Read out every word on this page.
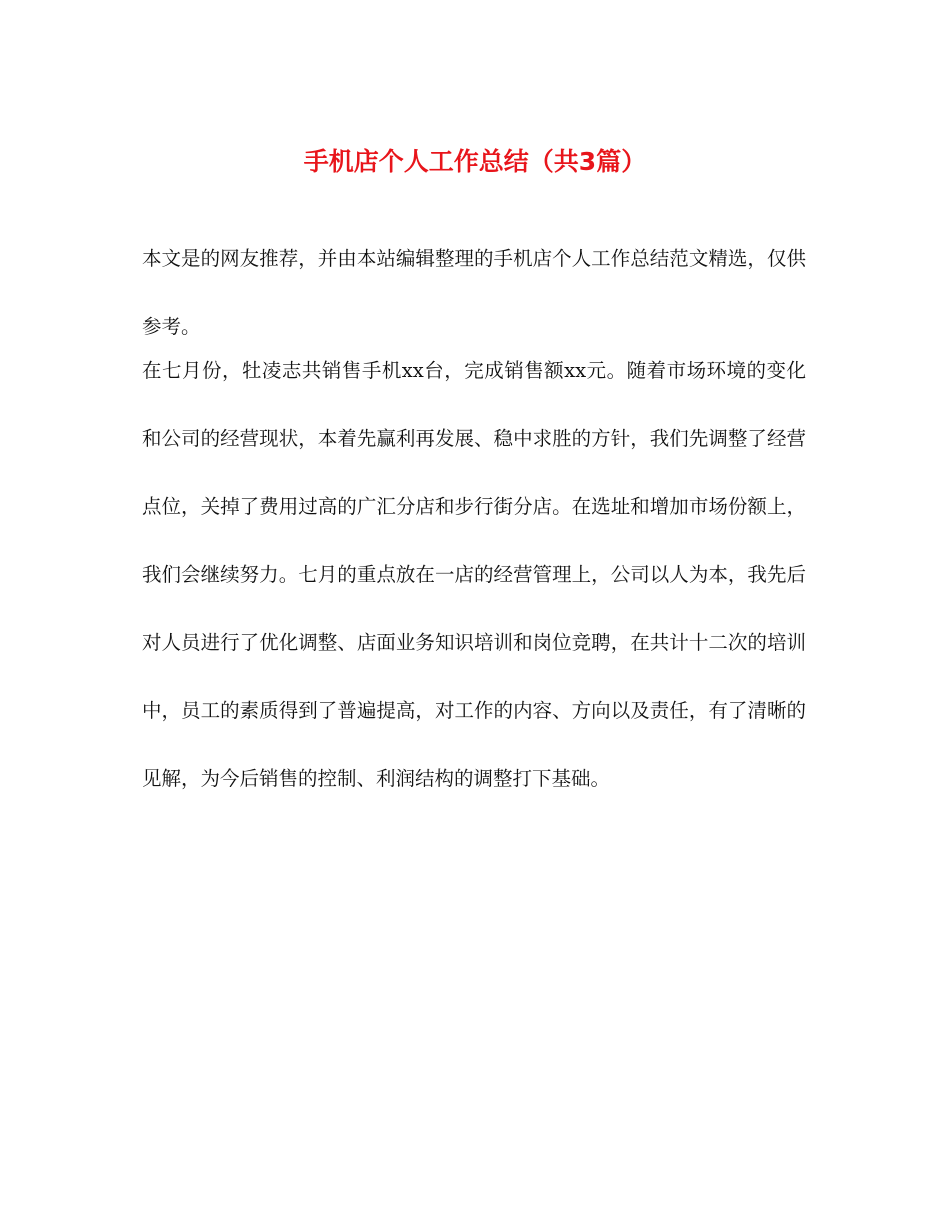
手机店个人工作总结（共3篇）

本文是的网友推荐，并由本站编辑整理的手机店个人工作总结范文精选，仅供参考。

在七月份，牡凌志共销售手机xx台，完成销售额xx元。随着市场环境的变化和公司的经营现状，本着先赢利再发展、稳中求胜的方针，我们先调整了经营点位，关掉了费用过高的广汇分店和步行街分店。在选址和增加市场份额上，我们会继续努力。七月的重点放在一店的经营管理上，公司以人为本，我先后对人员进行了优化调整、店面业务知识培训和岗位竞聘，在共计十二次的培训中，员工的素质得到了普遍提高，对工作的内容、方向以及责任，有了清晰的见解，为今后销售的控制、利润结构的调整打下基础。
